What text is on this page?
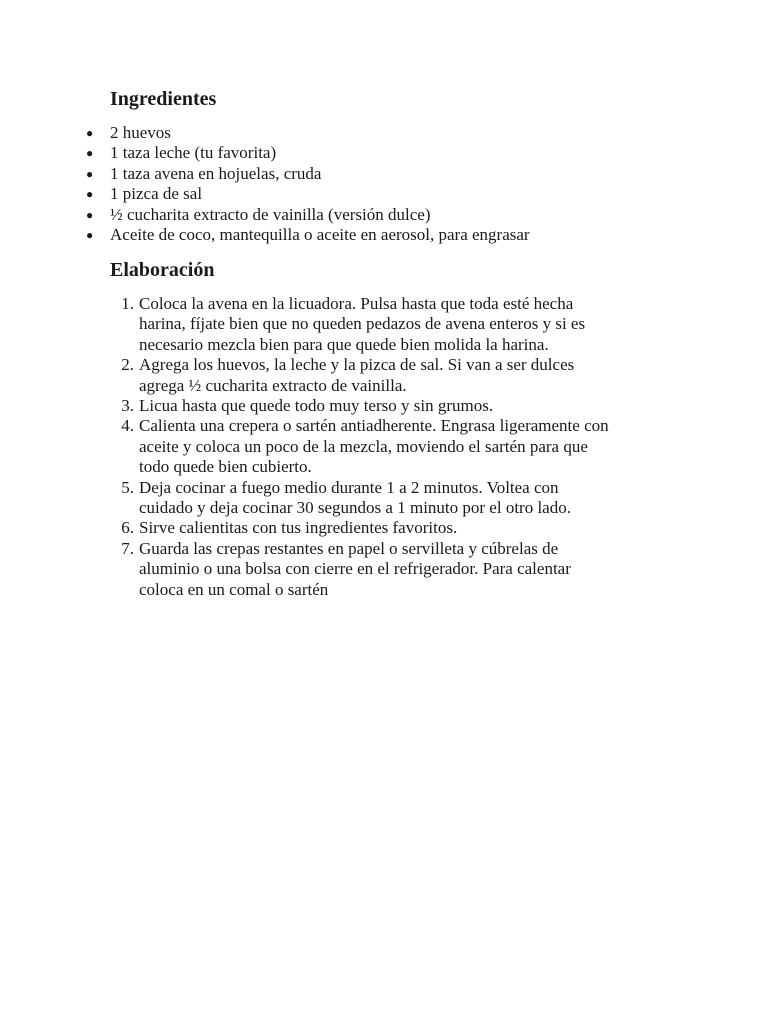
Ingredientes
● 2 huevos
● 1 taza leche (tu favorita)
● 1 taza avena en hojuelas, cruda
● 1 pizca de sal
● ½ cucharita extracto de vainilla (versión dulce)
● Aceite de coco, mantequilla o aceite en aerosol, para engrasar
Elaboración
1. Coloca la avena en la licuadora. Pulsa hasta que toda esté hecha
harina, fíjate bien que no queden pedazos de avena enteros y si es
necesario mezcla bien para que quede bien molida la harina.
2. Agrega los huevos, la leche y la pizca de sal. Si van a ser dulces
agrega ½ cucharita extracto de vainilla.
3. Licua hasta que quede todo muy terso y sin grumos.
4. Calienta una crepera o sartén antiadherente. Engrasa ligeramente con
aceite y coloca un poco de la mezcla, moviendo el sartén para que
todo quede bien cubierto.
5. Deja cocinar a fuego medio durante 1 a 2 minutos. Voltea con
cuidado y deja cocinar 30 segundos a 1 minuto por el otro lado.
6. Sirve calientitas con tus ingredientes favoritos.
7. Guarda las crepas restantes en papel o servilleta y cúbrelas de
aluminio o una bolsa con cierre en el refrigerador. Para calentar
coloca en un comal o sartén
